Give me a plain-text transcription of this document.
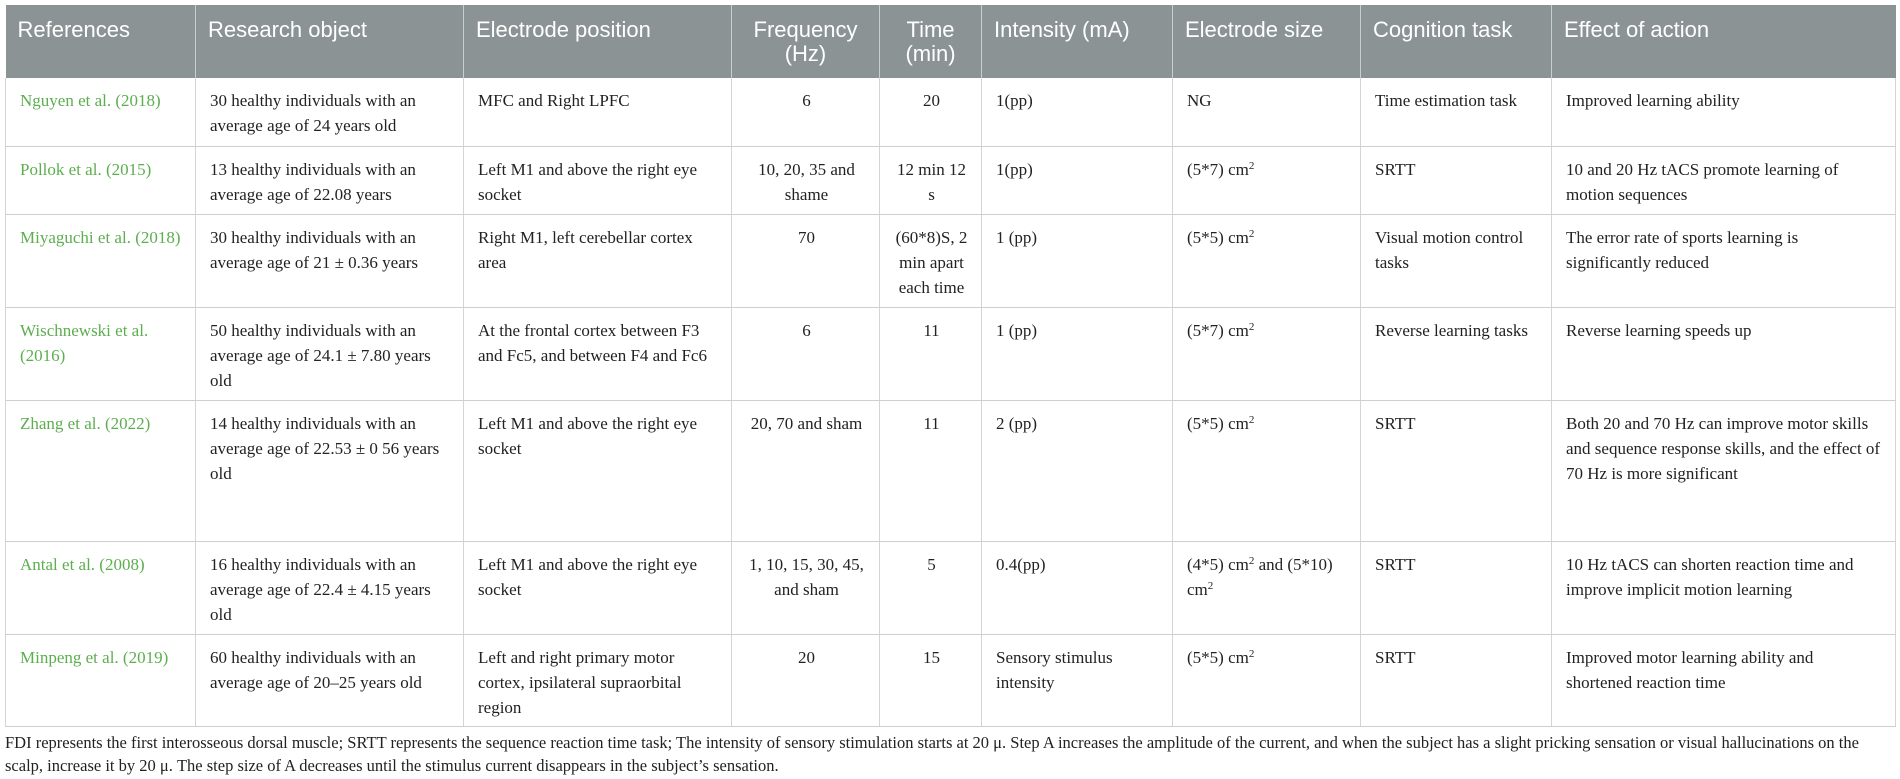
References	Research object	Electrode position	Frequency (Hz)	Time (min)	Intensity (mA)	Electrode size	Cognition task	Effect of action
Nguyen et al. (2018)	30 healthy individuals with an average age of 24 years old	MFC and Right LPFC	6	20	1(pp)	NG	Time estimation task	Improved learning ability
Pollok et al. (2015)	13 healthy individuals with an average age of 22.08 years	Left M1 and above the right eye socket	10, 20, 35 and shame	12 min 12 s	1(pp)	(5*7) $cm^2$	SRTT	10 and 20 Hz tACS promote learning of motion sequences
Miyaguchi et al. (2018)	30 healthy individuals with an average age of 21 ± 0.36 years	Right M1, left cerebellar cortex area	70	(60*8)S, 2 min apart each time	1 (pp)	(5*5) $cm^2$	Visual motion control tasks	The error rate of sports learning is significantly reduced
Wischnewski et al. (2016)	50 healthy individuals with an average age of 24.1 ± 7.80 years old	At the frontal cortex between F3 and Fc5, and between F4 and Fc6	6	11	1 (pp)	(5*7) $cm^2$	Reverse learning tasks	Reverse learning speeds up
Zhang et al. (2022)	14 healthy individuals with an average age of 22.53 ± 0 56 years old	Left M1 and above the right eye socket	20, 70 and sham	11	2 (pp)	(5*5) $cm^2$	SRTT	Both 20 and 70 Hz can improve motor skills and sequence response skills, and the effect of 70 Hz is more significant
Antal et al. (2008)	16 healthy individuals with an average age of 22.4 ± 4.15 years old	Left M1 and above the right eye socket	1, 10, 15, 30, 45, and sham	5	0.4(pp)	(4*5) $cm^2$ and (5*10) $cm^2$	SRTT	10 Hz tACS can shorten reaction time and improve implicit motion learning
Minpeng et al. (2019)	60 healthy individuals with an average age of 20–25 years old	Left and right primary motor cortex, ipsilateral supraorbital region	20	15	Sensory stimulus intensity	(5*5) $cm^2$	SRTT	Improved motor learning ability and shortened reaction time
FDI represents the first interosseous dorsal muscle; SRTT represents the sequence reaction time task; The intensity of sensory stimulation starts at 20 μ. Step A increases the amplitude of the current, and when the subject has a slight pricking sensation or visual hallucinations on the scalp, increase it by 20 μ. The step size of A decreases until the stimulus current disappears in the subject’s sensation.
